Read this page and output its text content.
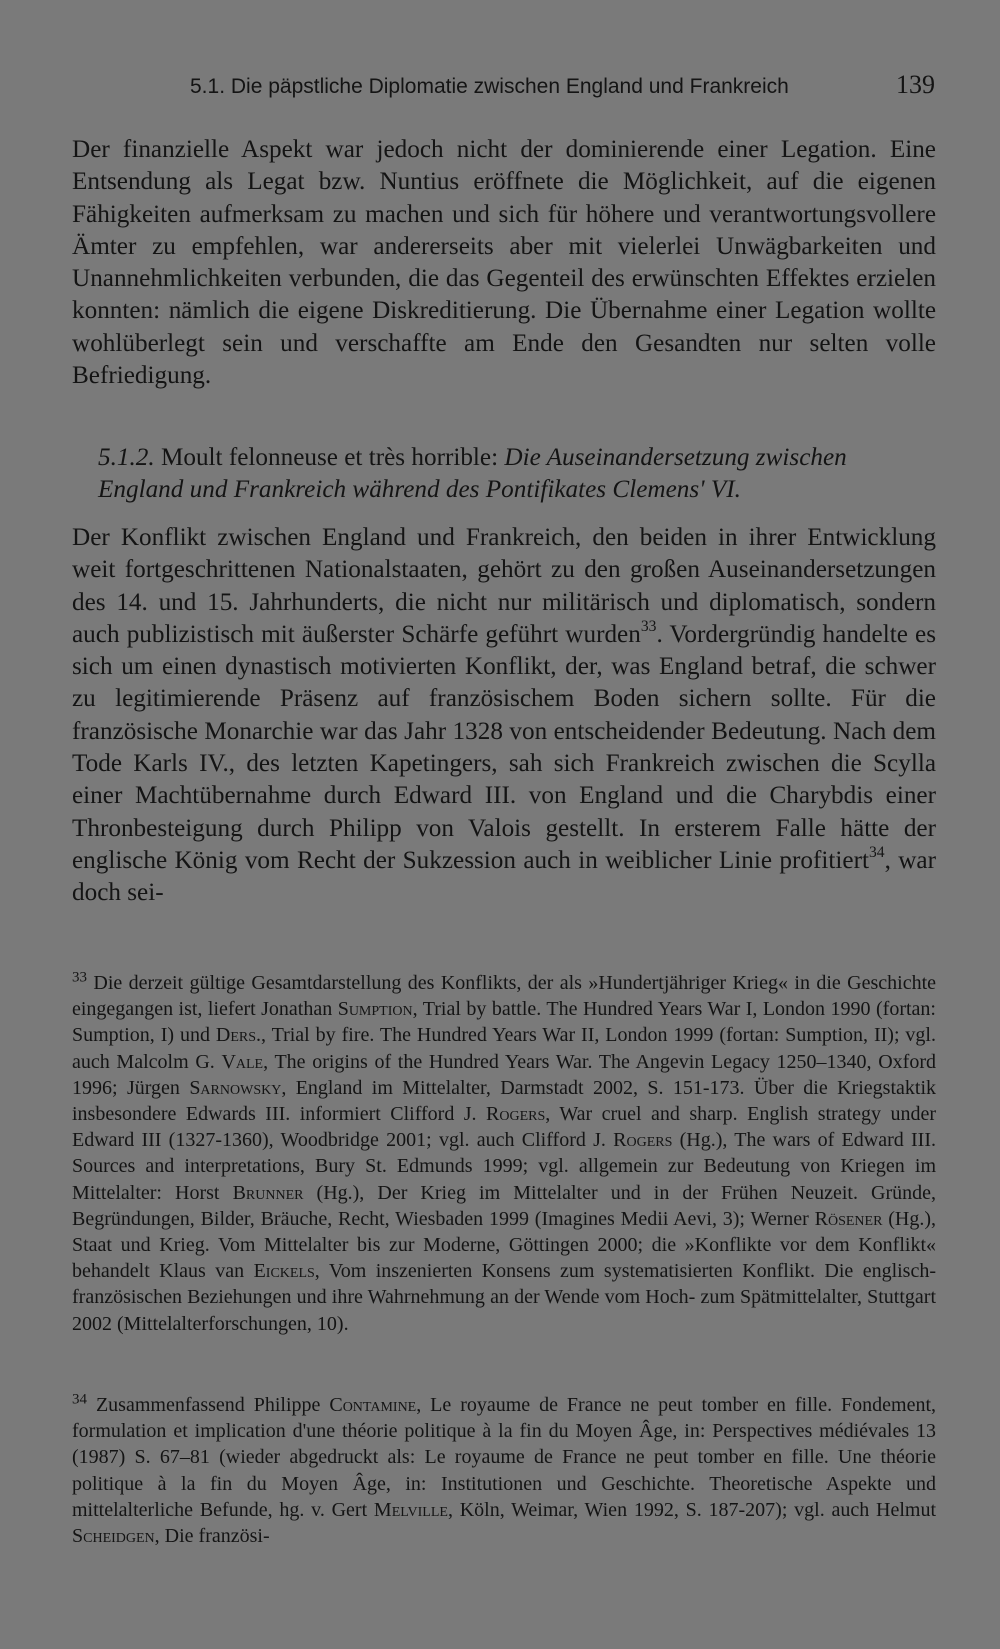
5.1. Die päpstliche Diplomatie zwischen England und Frankreich	139

Der finanzielle Aspekt war jedoch nicht der dominierende einer Legation. Eine Entsendung als Legat bzw. Nuntius eröffnete die Möglichkeit, auf die eigenen Fähigkeiten aufmerksam zu machen und sich für höhere und verantwortungsvollere Ämter zu empfehlen, war andererseits aber mit vielerlei Unwägbarkeiten und Unannehmlichkeiten verbunden, die das Gegenteil des erwünschten Effektes erzielen konnten: nämlich die eigene Diskreditierung. Die Übernahme einer Legation wollte wohlüberlegt sein und verschaffte am Ende den Gesandten nur selten volle Befriedigung.

5.1.2. Moult felonneuse et très horrible: Die Auseinandersetzung zwischen England und Frankreich während des Pontifikates Clemens' VI.

Der Konflikt zwischen England und Frankreich, den beiden in ihrer Entwicklung weit fortgeschrittenen Nationalstaaten, gehört zu den großen Auseinandersetzungen des 14. und 15. Jahrhunderts, die nicht nur militärisch und diplomatisch, sondern auch publizistisch mit äußerster Schärfe geführt wurden$^{33}$. Vordergründig handelte es sich um einen dynastisch motivierten Konflikt, der, was England betraf, die schwer zu legitimierende Präsenz auf französischem Boden sichern sollte. Für die französische Monarchie war das Jahr 1328 von entscheidender Bedeutung. Nach dem Tode Karls IV., des letzten Kapetingers, sah sich Frankreich zwischen die Scylla einer Machtübernahme durch Edward III. von England und die Charybdis einer Thronbesteigung durch Philipp von Valois gestellt. In ersterem Falle hätte der englische König vom Recht der Sukzession auch in weiblicher Linie profitiert$^{34}$, war doch sei-

$^{33}$ Die derzeit gültige Gesamtdarstellung des Konflikts, der als »Hundertjähriger Krieg« in die Geschichte eingegangen ist, liefert Jonathan Sumption, Trial by battle. The Hundred Years War I, London 1990 (fortan: Sumption, I) und Ders., Trial by fire. The Hundred Years War II, London 1999 (fortan: Sumption, II); vgl. auch Malcolm G. Vale, The origins of the Hundred Years War. The Angevin Legacy 1250–1340, Oxford 1996; Jürgen Sarnowsky, England im Mittelalter, Darmstadt 2002, S. 151-173. Über die Kriegstaktik insbesondere Edwards III. informiert Clifford J. Rogers, War cruel and sharp. English strategy under Edward III (1327-1360), Woodbridge 2001; vgl. auch Clifford J. Rogers (Hg.), The wars of Edward III. Sources and interpretations, Bury St. Edmunds 1999; vgl. allgemein zur Bedeutung von Kriegen im Mittelalter: Horst Brunner (Hg.), Der Krieg im Mittelalter und in der Frühen Neuzeit. Gründe, Begründungen, Bilder, Bräuche, Recht, Wiesbaden 1999 (Imagines Medii Aevi, 3); Werner Rösener (Hg.), Staat und Krieg. Vom Mittelalter bis zur Moderne, Göttingen 2000; die »Konflikte vor dem Konflikt« behandelt Klaus van Eickels, Vom inszenierten Konsens zum systematisierten Konflikt. Die englisch-französischen Beziehungen und ihre Wahrnehmung an der Wende vom Hoch- zum Spätmittelalter, Stuttgart 2002 (Mittelalterforschungen, 10).

$^{34}$ Zusammenfassend Philippe Contamine, Le royaume de France ne peut tomber en fille. Fondement, formulation et implication d'une théorie politique à la fin du Moyen Âge, in: Perspectives médiévales 13 (1987) S. 67–81 (wieder abgedruckt als: Le royaume de France ne peut tomber en fille. Une théorie politique à la fin du Moyen Âge, in: Institutionen und Geschichte. Theoretische Aspekte und mittelalterliche Befunde, hg. v. Gert Melville, Köln, Weimar, Wien 1992, S. 187-207); vgl. auch Helmut Scheidgen, Die französi-
